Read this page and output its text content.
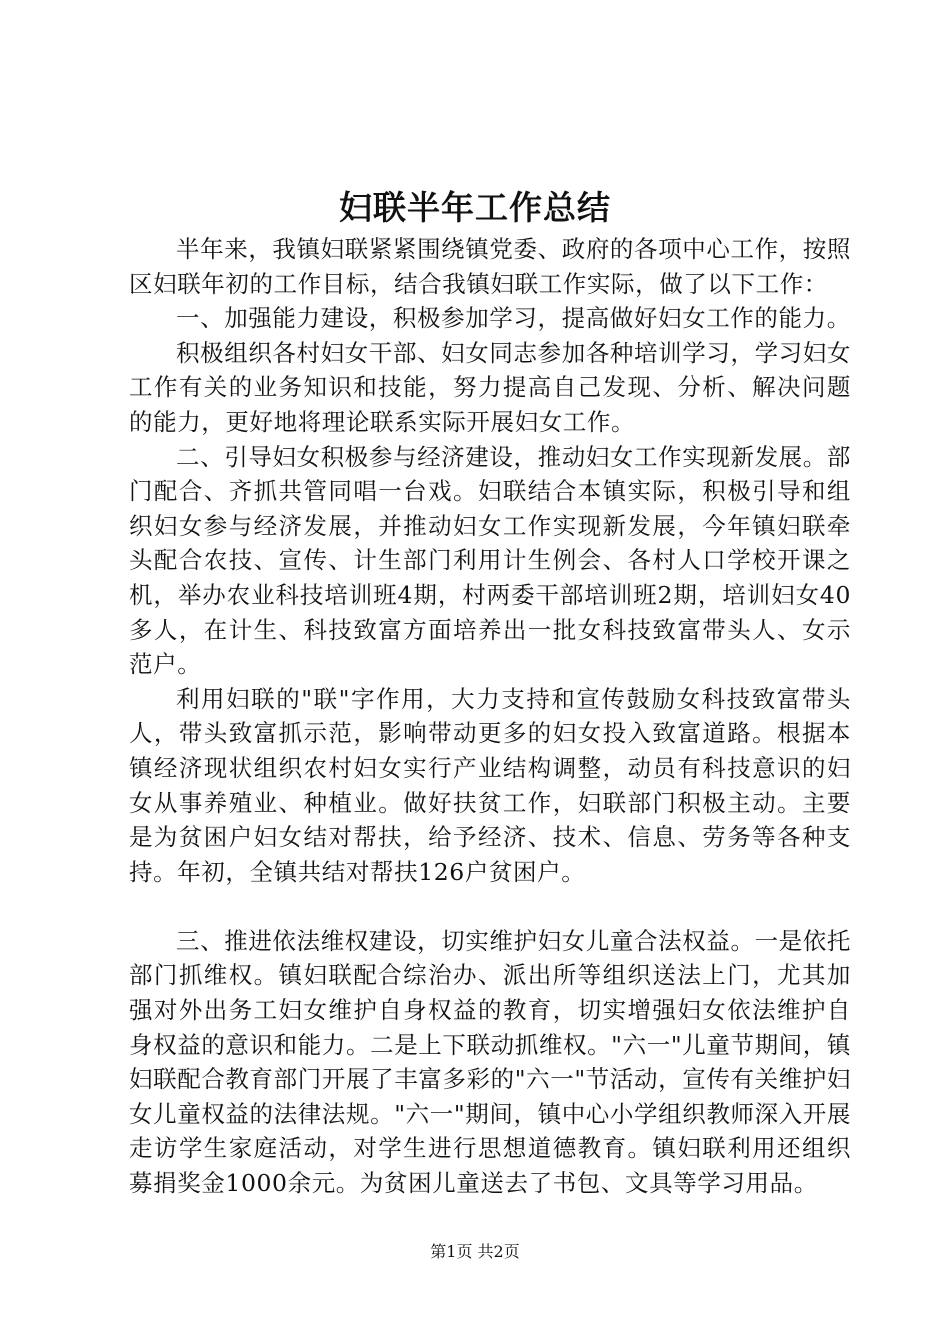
妇联半年工作总结

半年来，我镇妇联紧紧围绕镇党委、政府的各项中心工作，按照区妇联年初的工作目标，结合我镇妇联工作实际，做了以下工作：

一、加强能力建设，积极参加学习，提高做好妇女工作的能力。

积极组织各村妇女干部、妇女同志参加各种培训学习，学习妇女工作有关的业务知识和技能，努力提高自己发现、分析、解决问题的能力，更好地将理论联系实际开展妇女工作。

二、引导妇女积极参与经济建设，推动妇女工作实现新发展。部门配合、齐抓共管同唱一台戏。妇联结合本镇实际，积极引导和组织妇女参与经济发展，并推动妇女工作实现新发展，今年镇妇联牵头配合农技、宣传、计生部门利用计生例会、各村人口学校开课之机，举办农业科技培训班4期，村两委干部培训班2期，培训妇女40多人，在计生、科技致富方面培养出一批女科技致富带头人、女示范户。

利用妇联的"联"字作用，大力支持和宣传鼓励女科技致富带头人，带头致富抓示范，影响带动更多的妇女投入致富道路。根据本镇经济现状组织农村妇女实行产业结构调整，动员有科技意识的妇女从事养殖业、种植业。做好扶贫工作，妇联部门积极主动。主要是为贫困户妇女结对帮扶，给予经济、技术、信息、劳务等各种支持。年初，全镇共结对帮扶126户贫困户。

三、推进依法维权建设，切实维护妇女儿童合法权益。一是依托部门抓维权。镇妇联配合综治办、派出所等组织送法上门，尤其加强对外出务工妇女维护自身权益的教育，切实增强妇女依法维护自身权益的意识和能力。二是上下联动抓维权。"六一"儿童节期间，镇妇联配合教育部门开展了丰富多彩的"六一"节活动，宣传有关维护妇女儿童权益的法律法规。"六一"期间，镇中心小学组织教师深入开展走访学生家庭活动，对学生进行思想道德教育。镇妇联利用还组织募捐奖金1000余元。为贫困儿童送去了书包、文具等学习用品。

第1页 共2页
